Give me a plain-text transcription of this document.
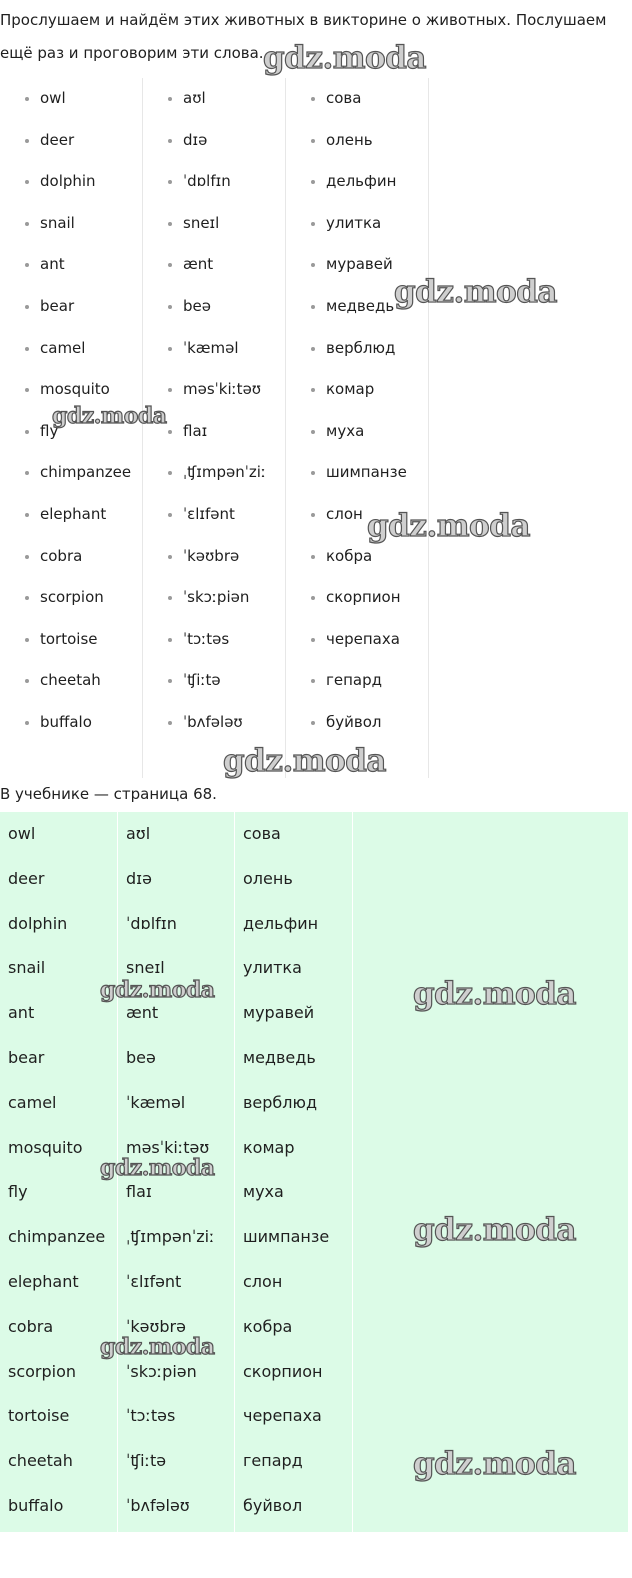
Прослушаем и найдём этих животных в викторине о животных. Послушаем ещё раз и проговорим эти слова.

owl
deer
dolphin
snail
ant
bear
camel
mosquito
fly
chimpanzee
elephant
cobra
scorpion
tortoise
cheetah
buffalo
aʊl
dɪə
ˈdɒlfɪn
sneɪl
ænt
beə
ˈkæməl
məsˈkiːtəʊ
flaɪ
ˌʧɪmpənˈziː
ˈɛlɪfənt
ˈkəʊbrə
ˈskɔːpiən
ˈtɔːtəs
ˈʧiːtə
ˈbʌfələʊ
сова
олень
дельфин
улитка
муравей
медведь
верблюд
комар
муха
шимпанзе
слон
кобра
скорпион
черепаха
гепард
буйвол

В учебнике — страница 68.

owl
deer
dolphin
snail
ant
bear
camel
mosquito
fly
chimpanzee
elephant
cobra
scorpion
tortoise
cheetah
buffalo
aʊl
dɪə
ˈdɒlfɪn
sneɪl
ænt
beə
ˈkæməl
məsˈkiːtəʊ
flaɪ
ˌʧɪmpənˈziː
ˈɛlɪfənt
ˈkəʊbrə
ˈskɔːpiən
ˈtɔːtəs
ˈʧiːtə
ˈbʌfələʊ
сова
олень
дельфин
улитка
муравей
медведь
верблюд
комар
муха
шимпанзе
слон
кобра
скорпион
черепаха
гепард
буйвол
gdz.moda
gdz.moda
gdz.moda
gdz.moda
gdz.moda
gdz.moda	gdz.moda
gdz.moda
gdz.moda
gdz.moda
gdz.moda
